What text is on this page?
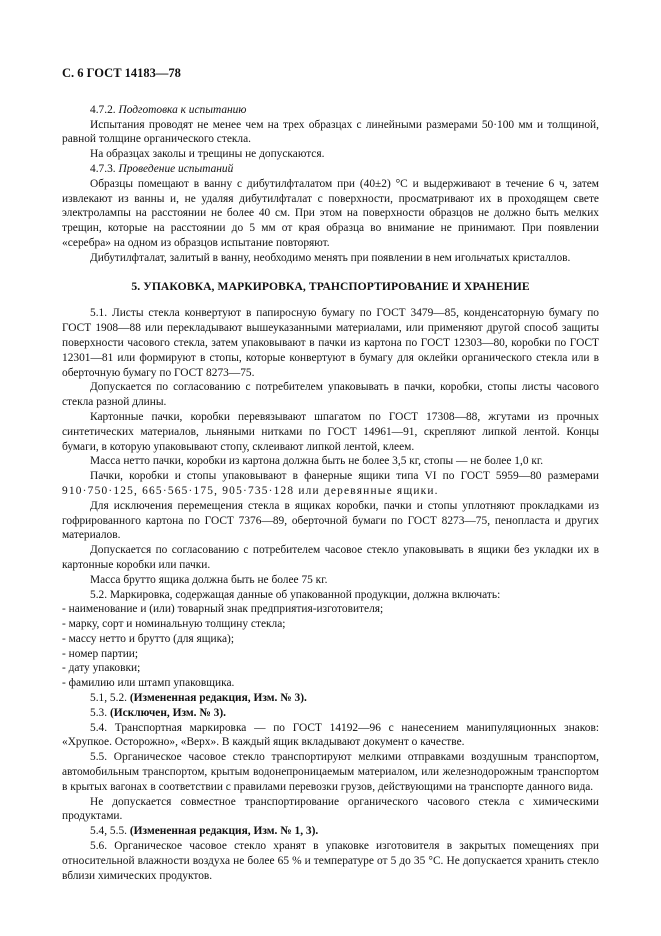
С. 6 ГОСТ 14183—78

4.7.2. Подготовка к испытанию

Испытания проводят не менее чем на трех образцах с линейными размерами 50·100 мм и толщиной, равной толщине органического стекла.

На образцах заколы и трещины не допускаются.

4.7.3. Проведение испытаний

Образцы помещают в ванну с дибутилфталатом при (40±2) °С и выдерживают в течение 6 ч, затем извлекают из ванны и, не удаляя дибутилфталат с поверхности, просматривают их в проходящем свете электролампы на расстоянии не более 40 см. При этом на поверхности образцов не должно быть мелких трещин, которые на расстоянии до 5 мм от края образца во внимание не принимают. При появлении «серебра» на одном из образцов испытание повторяют.

Дибутилфталат, залитый в ванну, необходимо менять при появлении в нем игольчатых кристаллов.

5. УПАКОВКА, МАРКИРОВКА, ТРАНСПОРТИРОВАНИЕ И ХРАНЕНИЕ

5.1. Листы стекла конвертуют в папиросную бумагу по ГОСТ 3479—85, конденсаторную бумагу по ГОСТ 1908—88 или перекладывают вышеуказанными материалами, или применяют другой способ защиты поверхности часового стекла, затем упаковывают в пачки из картона по ГОСТ 12303—80, коробки по ГОСТ 12301—81 или формируют в стопы, которые конвертуют в бумагу для оклейки органического стекла или в оберточную бумагу по ГОСТ 8273—75.

Допускается по согласованию с потребителем упаковывать в пачки, коробки, стопы листы часового стекла разной длины.

Картонные пачки, коробки перевязывают шпагатом по ГОСТ 17308—88, жгутами из прочных синтетических материалов, льняными нитками по ГОСТ 14961—91, скрепляют липкой лентой. Концы бумаги, в которую упаковывают стопу, склеивают липкой лентой, клеем.

Масса нетто пачки, коробки из картона должна быть не более 3,5 кг, стопы — не более 1,0 кг.

Пачки, коробки и стопы упаковывают в фанерные ящики типа VI по ГОСТ 5959—80 размерами 910·750·125, 665·565·175, 905·735·128 или деревянные ящики.

Для исключения перемещения стекла в ящиках коробки, пачки и стопы уплотняют прокладками из гофрированного картона по ГОСТ 7376—89, оберточной бумаги по ГОСТ 8273—75, пенопласта и других материалов.

Допускается по согласованию с потребителем часовое стекло упаковывать в ящики без укладки их в картонные коробки или пачки.

Масса брутто ящика должна быть не более 75 кг.

5.2. Маркировка, содержащая данные об упакованной продукции, должна включать:

- наименование и (или) товарный знак предприятия-изготовителя;

- марку, сорт и номинальную толщину стекла;

- массу нетто и брутто (для ящика);

- номер партии;

- дату упаковки;

- фамилию или штамп упаковщика.

5.1, 5.2. (Измененная редакция, Изм. № 3).

5.3. (Исключен, Изм. № 3).

5.4. Транспортная маркировка — по ГОСТ 14192—96 с нанесением манипуляционных знаков: «Хрупкое. Осторожно», «Верх». В каждый ящик вкладывают документ о качестве.

5.5. Органическое часовое стекло транспортируют мелкими отправками воздушным транспортом, автомобильным транспортом, крытым водонепроницаемым материалом, или железнодорожным транспортом в крытых вагонах в соответствии с правилами перевозки грузов, действующими на транспорте данного вида.

Не допускается совместное транспортирование органического часового стекла с химическими продуктами.

5.4, 5.5. (Измененная редакция, Изм. № 1, 3).

5.6. Органическое часовое стекло хранят в упаковке изготовителя в закрытых помещениях при относительной влажности воздуха не более 65 % и температуре от 5 до 35 °С. Не допускается хранить стекло вблизи химических продуктов.
